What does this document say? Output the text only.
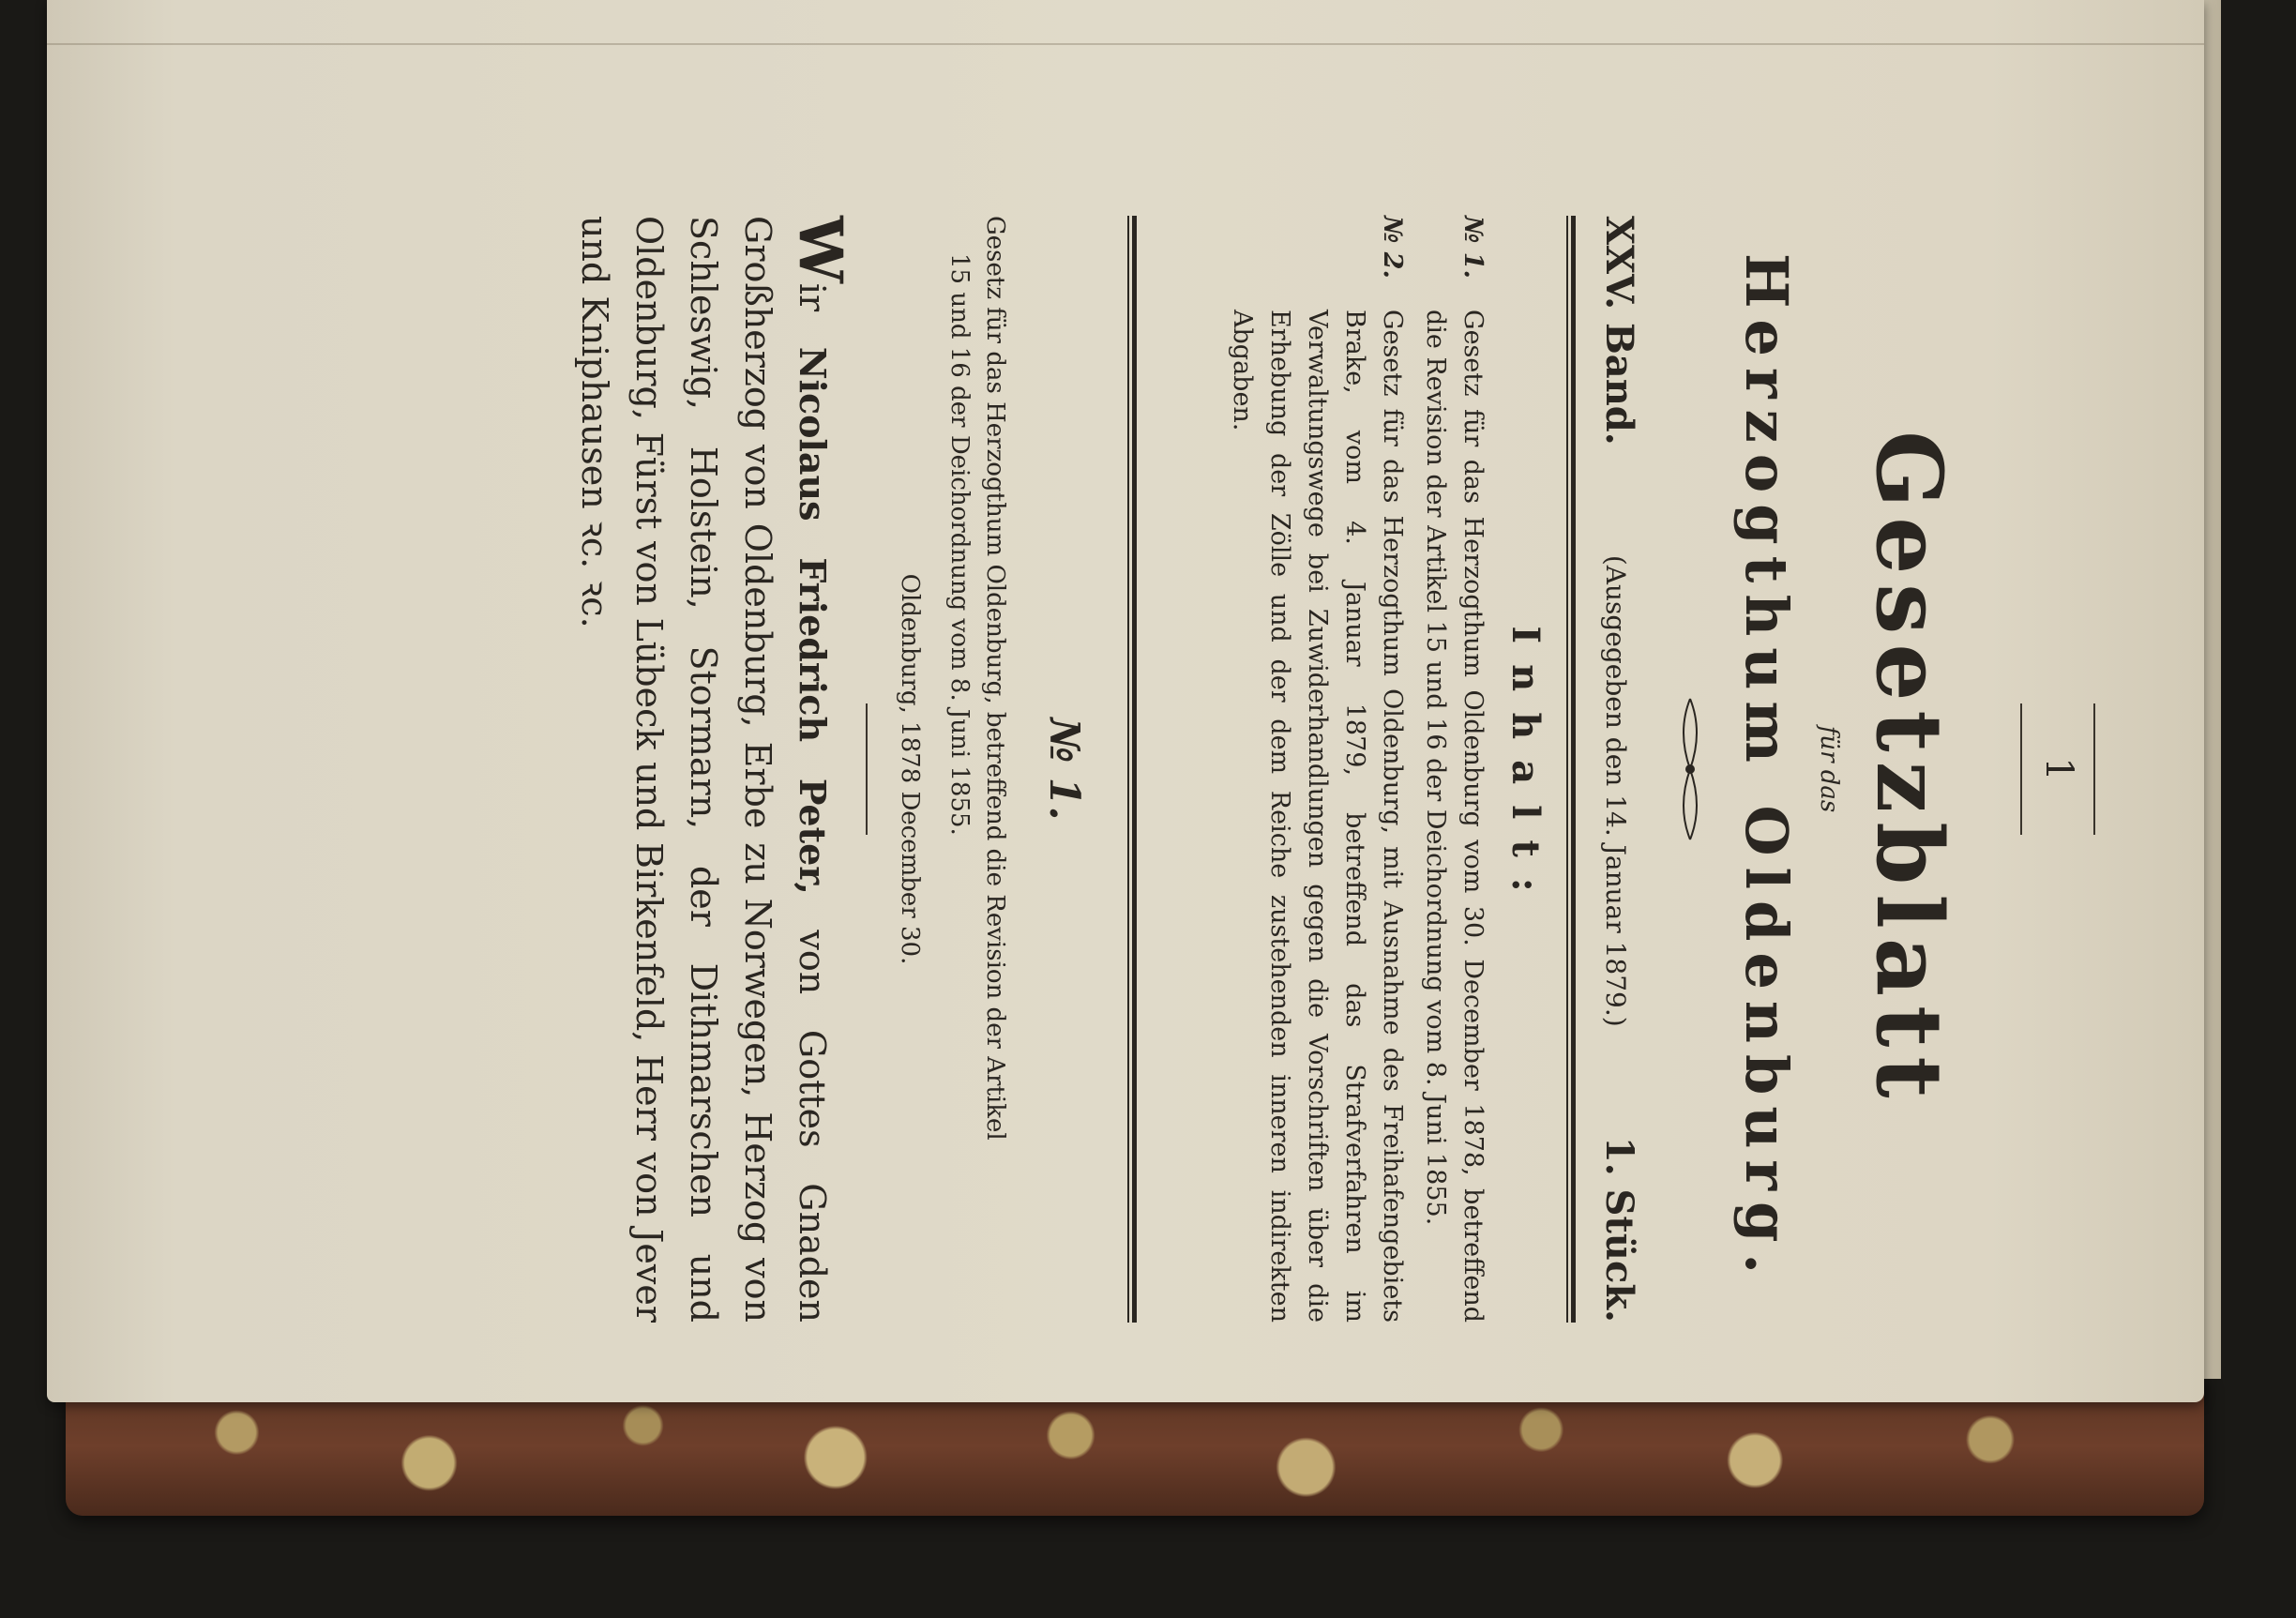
1
Gesetzblatt
für das
Herzogthum Oldenburg.
XXV. Band.
(Ausgegeben den 14. Januar 1879.)
1. Stück.
Inhalt:
№ 1.
Gesetz für das Herzogthum Oldenburg vom 30. December 1878, betreffend die Revision der Artikel 15 und 16 der Deichordnung vom 8. Juni 1855.
№ 2.
Gesetz für das Herzogthum Oldenburg, mit Ausnahme des Freihafengebiets Brake, vom 4. Januar 1879, betreffend das Strafverfahren im Verwaltungswege bei Zuwiderhandlungen gegen die Vorschriften über die Erhebung der Zölle und der dem Reiche zustehenden inneren indirekten Abgaben.
№ 1.
Gesetz für das Herzogthum Oldenburg, betreffend die Revision der Artikel
15 und 16 der Deichordnung vom 8. Juni 1855.
Oldenburg, 1878 December 30.
Wir Nicolaus Friedrich Peter, von Gottes Gnaden Großherzog von Oldenburg, Erbe zu Norwegen, Herzog von Schleswig, Holstein, Stormarn, der Dithmarschen und Oldenburg, Fürst von Lübeck und Birkenfeld, Herr von Jever und Kniphausen ꝛc. ꝛc.
